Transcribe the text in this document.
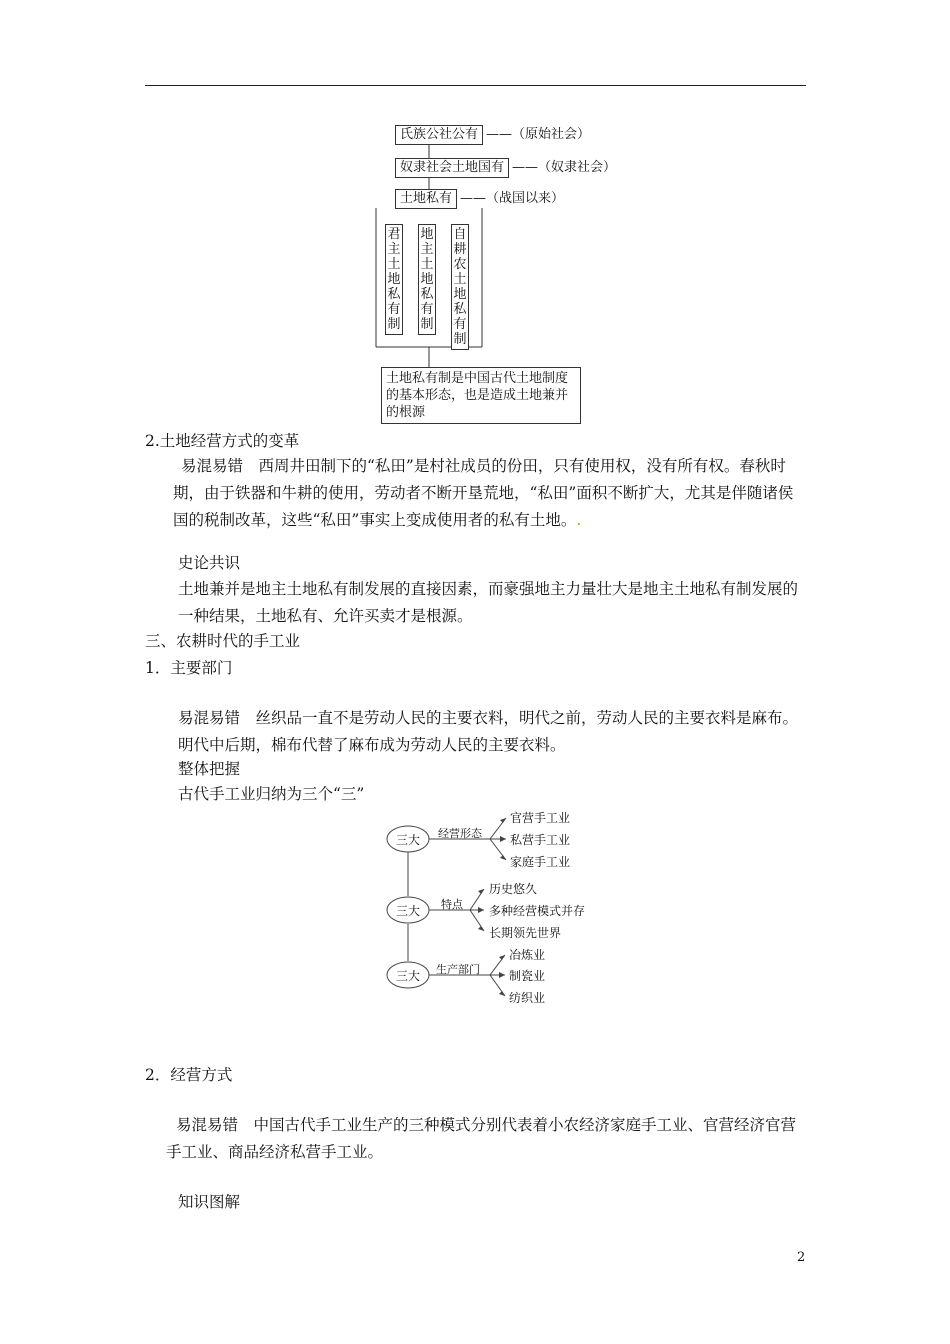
氏族公社公有 ——（原始社会）
奴隶社会土地国有 ——（奴隶社会）
土地私有 ——（战国以来）
君主土地私有制
地主土地私有制
自耕农土地私有制
土地私有制是中国古代土地制度的基本形态，也是造成土地兼并的根源
2.土地经营方式的变革
易混易错　西周井田制下的“私田”是村社成员的份田，只有使用权，没有所有权。春秋时期，由于铁器和牛耕的使用，劳动者不断开垦荒地，“私田”面积不断扩大，尤其是伴随诸侯国的税制改革，这些“私田”事实上变成使用者的私有土地。.
史论共识
土地兼并是地主土地私有制发展的直接因素，而豪强地主力量壮大是地主土地私有制发展的一种结果，土地私有、允许买卖才是根源。
三、农耕时代的手工业
1．主要部门
易混易错　丝织品一直不是劳动人民的主要衣料，明代之前，劳动人民的主要衣料是麻布。明代中后期，棉布代替了麻布成为劳动人民的主要衣料。
整体把握
古代手工业归纳为三个“三”
三大 经营形态
官营手工业
私营手工业
家庭手工业
三大 特点
历史悠久
多种经营模式并存
长期领先世界
三大 生产部门
冶炼业
制瓷业
纺织业
2．经营方式
易混易错　中国古代手工业生产的三种模式分别代表着小农经济家庭手工业、官营经济官营手工业、商品经济私营手工业。
知识图解
2
